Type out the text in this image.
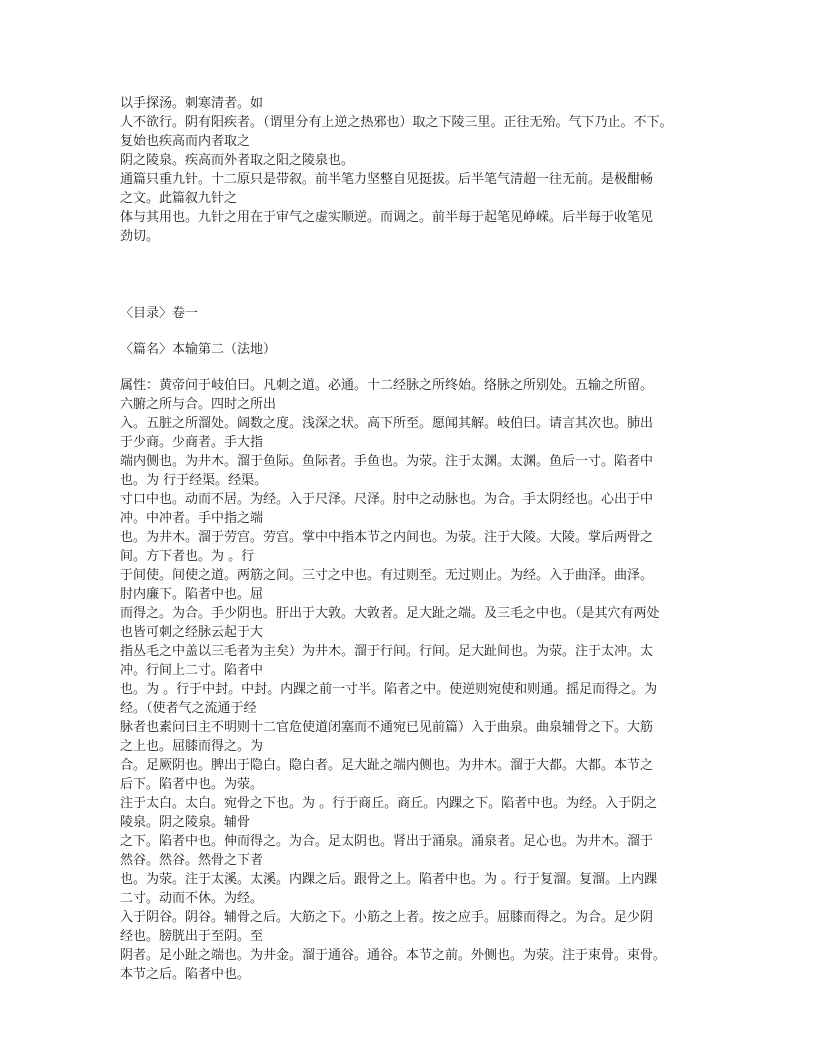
以手探汤。刺寒清者。如
人不欲行。阴有阳疾者。（谓里分有上逆之热邪也）取之下陵三里。正往无殆。气下乃止。不下。
复始也疾高而内者取之
阴之陵泉。疾高而外者取之阳之陵泉也。
通篇只重九针。十二原只是带叙。前半笔力坚整自见挺拔。后半笔气清超一往无前。是极酣畅
之文。此篇叙九针之
体与其用也。九针之用在于审气之虚实顺逆。而调之。前半每于起笔见峥嵘。后半每于收笔见
劲切。

〈目录〉卷一

〈篇名〉本输第二（法地）

属性：黄帝问于岐伯曰。凡刺之道。必通。十二经脉之所终始。络脉之所别处。五输之所留。
六腑之所与合。四时之所出
入。五脏之所溜处。阔数之度。浅深之状。高下所至。愿闻其解。岐伯曰。请言其次也。肺出
于少商。少商者。手大指
端内侧也。为井木。溜于鱼际。鱼际者。手鱼也。为荥。注于太渊。太渊。鱼后一寸。陷者中
也。为 行于经渠。经渠。
寸口中也。动而不居。为经。入于尺泽。尺泽。肘中之动脉也。为合。手太阴经也。心出于中
冲。中冲者。手中指之端
也。为井木。溜于劳宫。劳宫。掌中中指本节之内间也。为荥。注于大陵。大陵。掌后两骨之
间。方下者也。为 。行
于间使。间使之道。两筋之间。三寸之中也。有过则至。无过则止。为经。入于曲泽。曲泽。
肘内廉下。陷者中也。屈
而得之。为合。手少阴也。肝出于大敦。大敦者。足大趾之端。及三毛之中也。（是其穴有两处
也皆可刺之经脉云起于大
指丛毛之中盖以三毛者为主矣）为井木。溜于行间。行间。足大趾间也。为荥。注于太冲。太
冲。行间上二寸。陷者中
也。为 。行于中封。中封。内踝之前一寸半。陷者之中。使逆则宛使和则通。摇足而得之。为
经。（使者气之流通于经
脉者也素问曰主不明则十二官危使道闭塞而不通宛已见前篇）入于曲泉。曲泉辅骨之下。大筋
之上也。屈膝而得之。为
合。足厥阴也。脾出于隐白。隐白者。足大趾之端内侧也。为井木。溜于大都。大都。本节之
后下。陷者中也。为荥。
注于太白。太白。宛骨之下也。为 。行于商丘。商丘。内踝之下。陷者中也。为经。入于阴之
陵泉。阴之陵泉。辅骨
之下。陷者中也。伸而得之。为合。足太阴也。肾出于涌泉。涌泉者。足心也。为井木。溜于
然谷。然谷。然骨之下者
也。为荥。注于太溪。太溪。内踝之后。跟骨之上。陷者中也。为 。行于复溜。复溜。上内踝
二寸。动而不休。为经。
入于阴谷。阴谷。辅骨之后。大筋之下。小筋之上者。按之应手。屈膝而得之。为合。足少阴
经也。膀胱出于至阴。至
阴者。足小趾之端也。为井金。溜于通谷。通谷。本节之前。外侧也。为荥。注于束骨。束骨。
本节之后。陷者中也。
